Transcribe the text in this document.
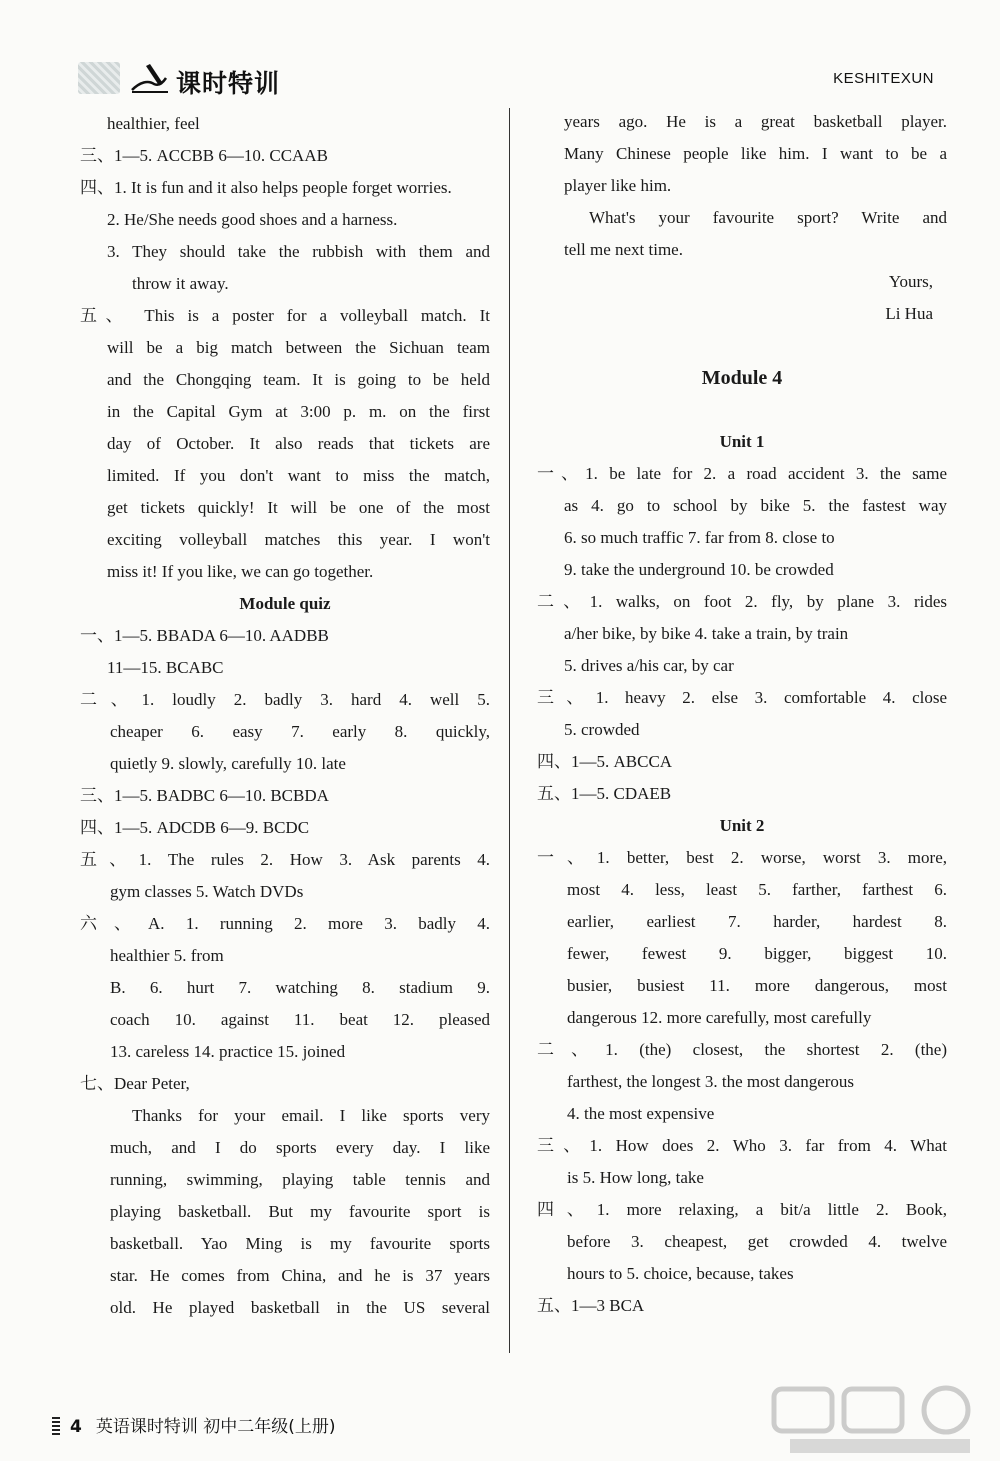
课时特训	KESHITEXUN
healthier, feel
三、1—5. ACCBB 6—10. CCAAB
四、1. It is fun and it also helps people forget worries.
2. He/She needs good shoes and a harness.
3. They should take the rubbish with them and
throw it away.
五、 This is a poster for a volleyball match. It
will be a big match between the Sichuan team
and the Chongqing team. It is going to be held
in the Capital Gym at 3:00 p. m. on the first
day of October. It also reads that tickets are
limited. If you don't want to miss the match,
get tickets quickly! It will be one of the most
exciting volleyball matches this year. I won't
miss it! If you like, we can go together.
Module quiz
一、1—5. BBADA 6—10. AADBB
11—15. BCABC
二、1. loudly 2. badly 3. hard 4. well 5.
cheaper 6. easy 7. early 8. quickly,
quietly 9. slowly, carefully 10. late
三、1—5. BADBC 6—10. BCBDA
四、1—5. ADCDB 6—9. BCDC
五、1. The rules 2. How 3. Ask parents 4.
gym classes 5. Watch DVDs
六、A. 1. running 2. more 3. badly 4.
healthier 5. from
B. 6. hurt 7. watching 8. stadium 9.
coach 10. against 11. beat 12. pleased
13. careless 14. practice 15. joined
七、Dear Peter,
Thanks for your email. I like sports very
much, and I do sports every day. I like
running, swimming, playing table tennis and
playing basketball. But my favourite sport is
basketball. Yao Ming is my favourite sports
star. He comes from China, and he is 37 years
old. He played basketball in the US several
years ago. He is a great basketball player.
Many Chinese people like him. I want to be a
player like him.
What's your favourite sport? Write and
tell me next time.
Yours,
Li Hua
Module 4
Unit 1
一、1. be late for 2. a road accident 3. the same
as 4. go to school by bike 5. the fastest way
6. so much traffic 7. far from 8. close to
9. take the underground 10. be crowded
二、1. walks, on foot 2. fly, by plane 3. rides
a/her bike, by bike 4. take a train, by train
5. drives a/his car, by car
三、1. heavy 2. else 3. comfortable 4. close
5. crowded
四、1—5. ABCCA
五、1—5. CDAEB
Unit 2
一、1. better, best 2. worse, worst 3. more,
most 4. less, least 5. farther, farthest 6.
earlier, earliest 7. harder, hardest 8.
fewer, fewest 9. bigger, biggest 10.
busier, busiest 11. more dangerous, most
dangerous 12. more carefully, most carefully
二、1. (the) closest, the shortest 2. (the)
farthest, the longest 3. the most dangerous
4. the most expensive
三、1. How does 2. Who 3. far from 4. What
is 5. How long, take
四、1. more relaxing, a bit/a little 2. Book,
before 3. cheapest, get crowded 4. twelve
hours to 5. choice, because, takes
五、1—3 BCA
4 英语课时特训 初中二年级(上册)
